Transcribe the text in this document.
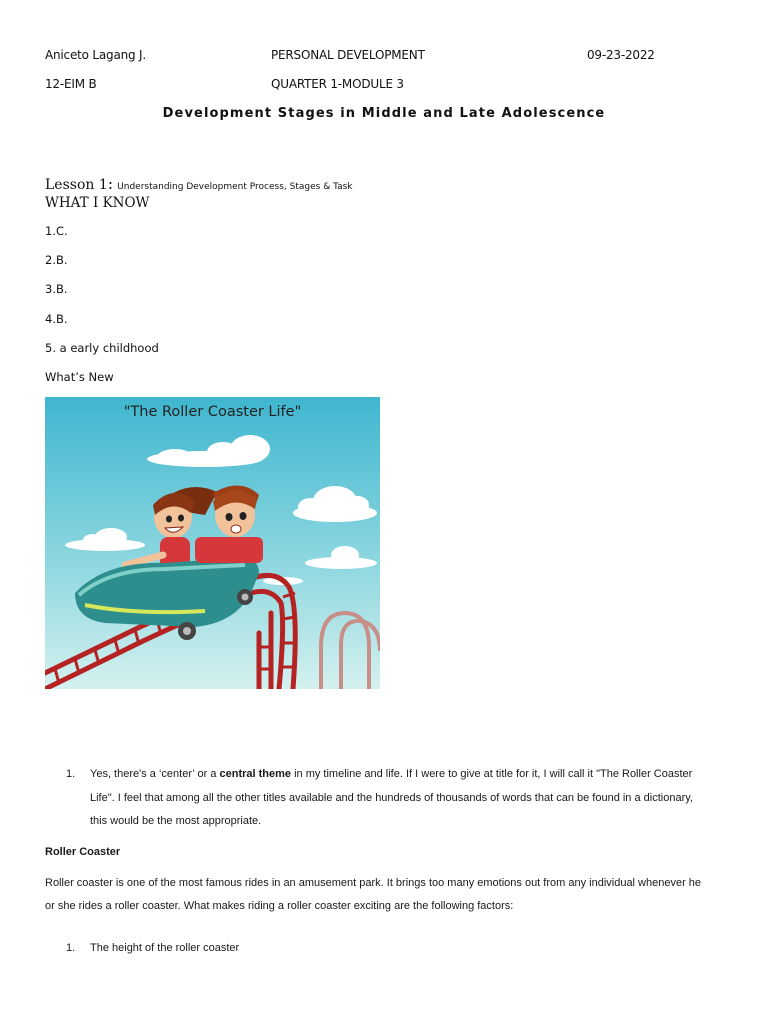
Aniceto Lagang J.	PERSONAL DEVELOPMENT	09-23-2022
12-EIM B	QUARTER 1-MODULE 3
Development Stages in Middle and Late Adolescence
Lesson 1: Understanding Development Process, Stages & Task
WHAT I KNOW
1.C.
2.B.
3.B.
4.B.
5. a early childhood
What’s New
"The Roller Coaster Life"
1. Yes, there's a ‘center’ or a central theme in my timeline and life. If I were to give at title for it, I will call it "The Roller Coaster
Life". I feel that among all the other titles available and the hundreds of thousands of words that can be found in a dictionary,
this would be the most appropriate.
Roller Coaster
Roller coaster is one of the most famous rides in an amusement park. It brings too many emotions out from any individual whenever he
or she rides a roller coaster. What makes riding a roller coaster exciting are the following factors:
1. The height of the roller coaster
